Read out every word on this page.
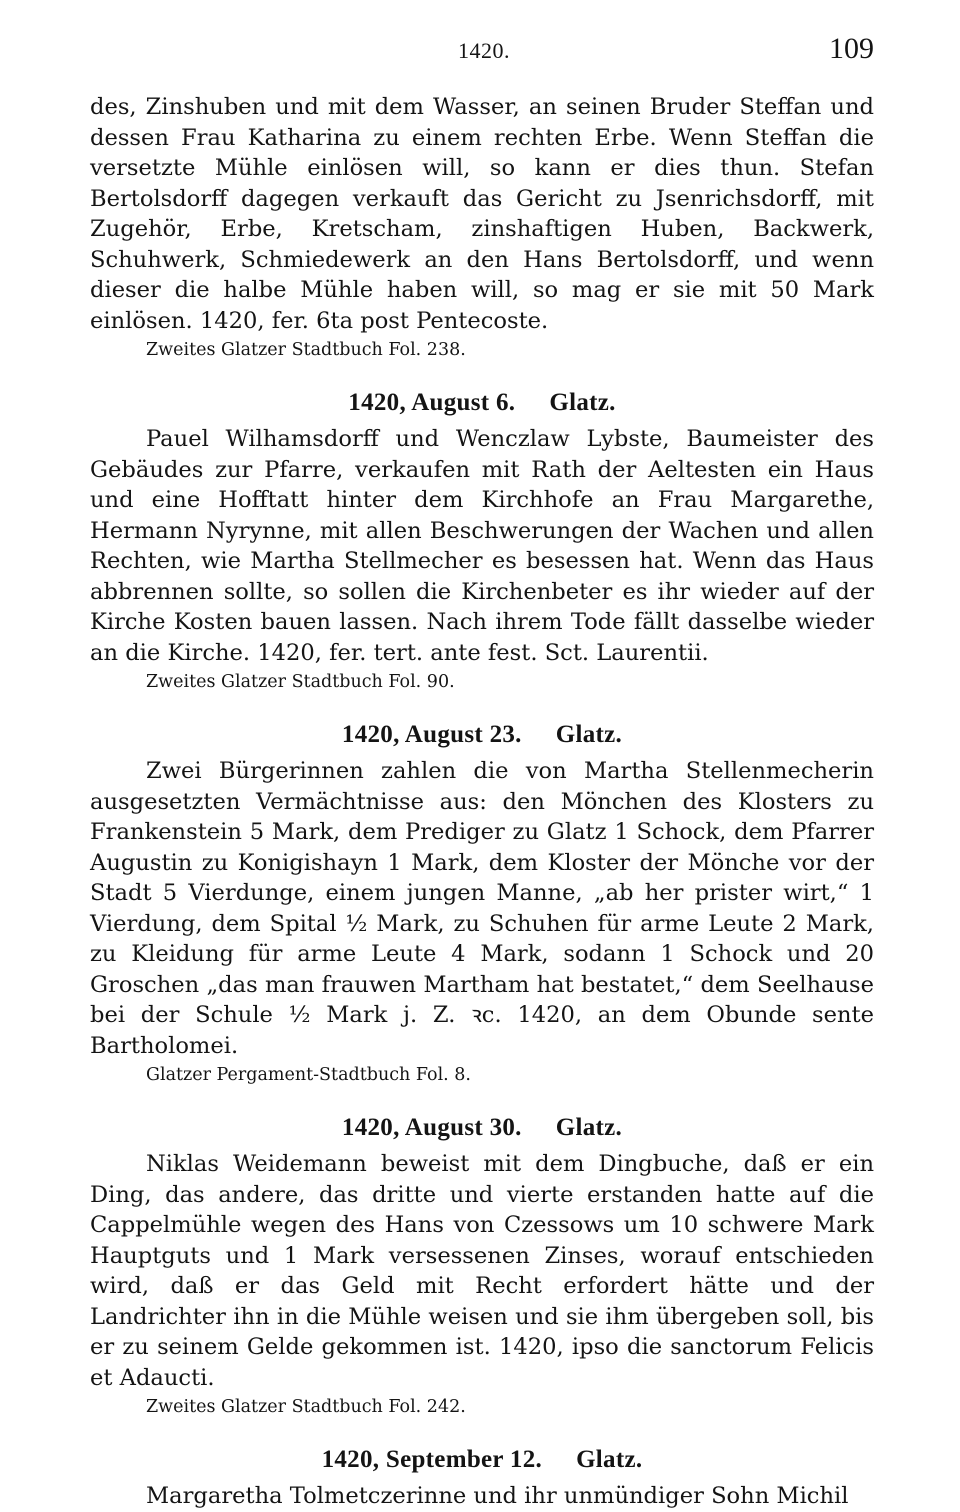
1420.	109

des, Zinshuben und mit dem Wasser, an seinen Bruder Steffan und dessen Frau Katharina zu einem rechten Erbe. Wenn Steffan die versetzte Mühle einlösen will, so kann er dies thun. Stefan Bertolsdorff dagegen verkauft das Gericht zu Jsenrichsdorff, mit Zugehör, Erbe, Kretscham, zinshaftigen Huben, Backwerk, Schuhwerk, Schmiedewerk an den Hans Bertolsdorff, und wenn dieser die halbe Mühle haben will, so mag er sie mit 50 Mark einlösen. 1420, fer. 6ta post Pentecoste.

Zweites Glatzer Stadtbuch Fol. 238.
1420, August 6. Glatz.

Pauel Wilhamsdorff und Wenczlaw Lybste, Baumeister des Gebäudes zur Pfarre, verkaufen mit Rath der Aeltesten ein Haus und eine Hofftatt hinter dem Kirchhofe an Frau Margarethe, Hermann Nyrynne, mit allen Beschwerungen der Wachen und allen Rechten, wie Martha Stellmecher es besessen hat. Wenn das Haus abbrennen sollte, so sollen die Kirchenbeter es ihr wieder auf der Kirche Kosten bauen lassen. Nach ihrem Tode fällt dasselbe wieder an die Kirche. 1420, fer. tert. ante fest. Sct. Laurentii.

Zweites Glatzer Stadtbuch Fol. 90.
1420, August 23. Glatz.

Zwei Bürgerinnen zahlen die von Martha Stellenmecherin ausgesetzten Vermächtnisse aus: den Mönchen des Klosters zu Frankenstein 5 Mark, dem Prediger zu Glatz 1 Schock, dem Pfarrer Augustin zu Konigishayn 1 Mark, dem Kloster der Mönche vor der Stadt 5 Vierdunge, einem jungen Manne, „ab her prister wirt,“ 1 Vierdung, dem Spital ½ Mark, zu Schuhen für arme Leute 2 Mark, zu Kleidung für arme Leute 4 Mark, sodann 1 Schock und 20 Groschen „das man frauwen Martham hat bestatet,“ dem Seelhause bei der Schule ½ Mark j. Z. ꝛc. 1420, an dem Obunde sente Bartholomei.

Glatzer Pergament-Stadtbuch Fol. 8.
1420, August 30. Glatz.

Niklas Weidemann beweist mit dem Dingbuche, daß er ein Ding, das andere, das dritte und vierte erstanden hatte auf die Cappelmühle wegen des Hans von Czessows um 10 schwere Mark Hauptguts und 1 Mark versessenen Zinses, worauf entschieden wird, daß er das Geld mit Recht erfordert hätte und der Landrichter ihn in die Mühle weisen und sie ihm übergeben soll, bis er zu seinem Gelde gekommen ist. 1420, ipso die sanctorum Felicis et Adaucti.

Zweites Glatzer Stadtbuch Fol. 242.
1420, September 12. Glatz.

Margaretha Tolmetczerinne und ihr unmündiger Sohn Michil
